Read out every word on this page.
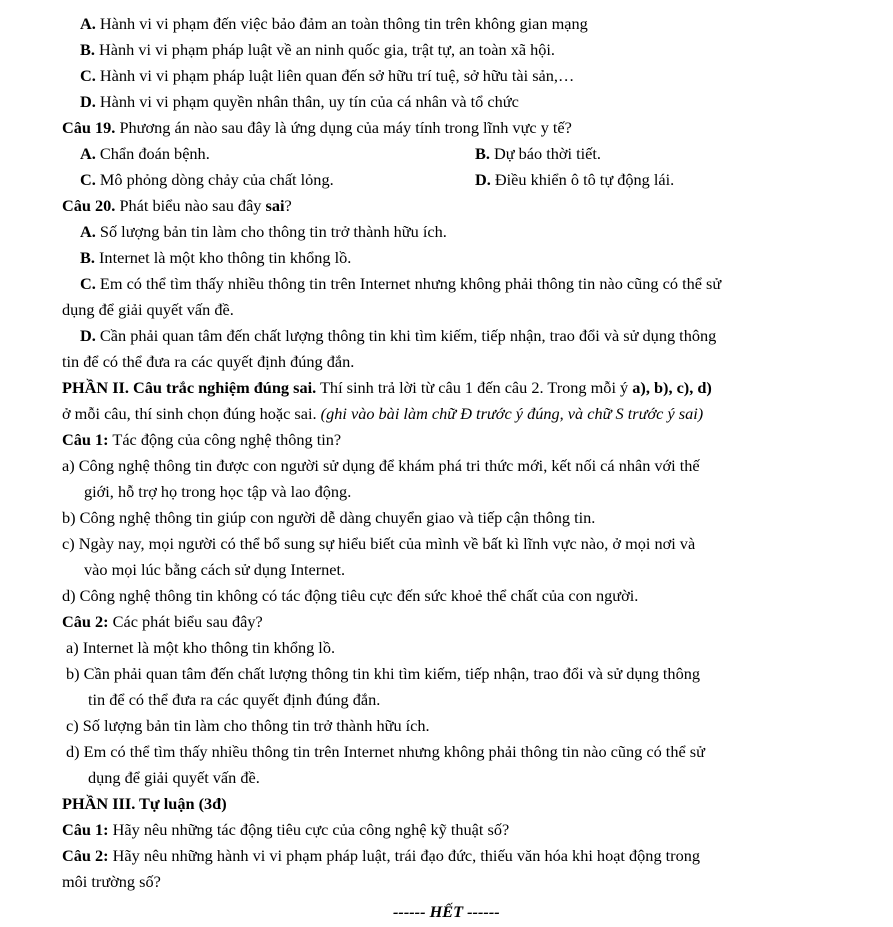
A. Hành vi vi phạm đến việc bảo đảm an toàn thông tin trên không gian mạng
B. Hành vi vi phạm pháp luật về an ninh quốc gia, trật tự, an toàn xã hội.
C. Hành vi vi phạm pháp luật liên quan đến sở hữu trí tuệ, sở hữu tài sản,…
D. Hành vi vi phạm quyền nhân thân, uy tín của cá nhân và tổ chức
Câu 19. Phương án nào sau đây là ứng dụng của máy tính trong lĩnh vực y tế?
A. Chẩn đoán bệnh.	B. Dự báo thời tiết.
C. Mô phỏng dòng chảy của chất lỏng.	D. Điều khiển ô tô tự động lái.
Câu 20. Phát biểu nào sau đây sai?
A. Số lượng bản tin làm cho thông tin trở thành hữu ích.
B. Internet là một kho thông tin khổng lồ.
C. Em có thể tìm thấy nhiều thông tin trên Internet nhưng không phải thông tin nào cũng có thể sử
dụng để giải quyết vấn đề.
D. Cần phải quan tâm đến chất lượng thông tin khi tìm kiếm, tiếp nhận, trao đổi và sử dụng thông
tin để có thể đưa ra các quyết định đúng đắn.
PHẦN II. Câu trắc nghiệm đúng sai. Thí sinh trả lời từ câu 1 đến câu 2. Trong mỗi ý a), b), c), d)
ở mỗi câu, thí sinh chọn đúng hoặc sai. (ghi vào bài làm chữ Đ trước ý đúng, và chữ S trước ý sai)
Câu 1: Tác động của công nghệ thông tin?
a) Công nghệ thông tin được con người sử dụng để khám phá tri thức mới, kết nối cá nhân với thế
giới, hỗ trợ họ trong học tập và lao động.
b) Công nghệ thông tin giúp con người dễ dàng chuyển giao và tiếp cận thông tin.
c) Ngày nay, mọi người có thể bổ sung sự hiểu biết của mình về bất kì lĩnh vực nào, ở mọi nơi và
vào mọi lúc bằng cách sử dụng Internet.
d) Công nghệ thông tin không có tác động tiêu cực đến sức khoẻ thể chất của con người.
Câu 2: Các phát biểu sau đây?
a) Internet là một kho thông tin khổng lồ.
b) Cần phải quan tâm đến chất lượng thông tin khi tìm kiếm, tiếp nhận, trao đổi và sử dụng thông
tin để có thể đưa ra các quyết định đúng đắn.
c) Số lượng bản tin làm cho thông tin trở thành hữu ích.
d) Em có thể tìm thấy nhiều thông tin trên Internet nhưng không phải thông tin nào cũng có thể sử
dụng để giải quyết vấn đề.
PHẦN III. Tự luận (3đ)
Câu 1: Hãy nêu những tác động tiêu cực của công nghệ kỹ thuật số?
Câu 2: Hãy nêu những hành vi vi phạm pháp luật, trái đạo đức, thiếu văn hóa khi hoạt động trong
môi trường số?
------ HẾT ------
